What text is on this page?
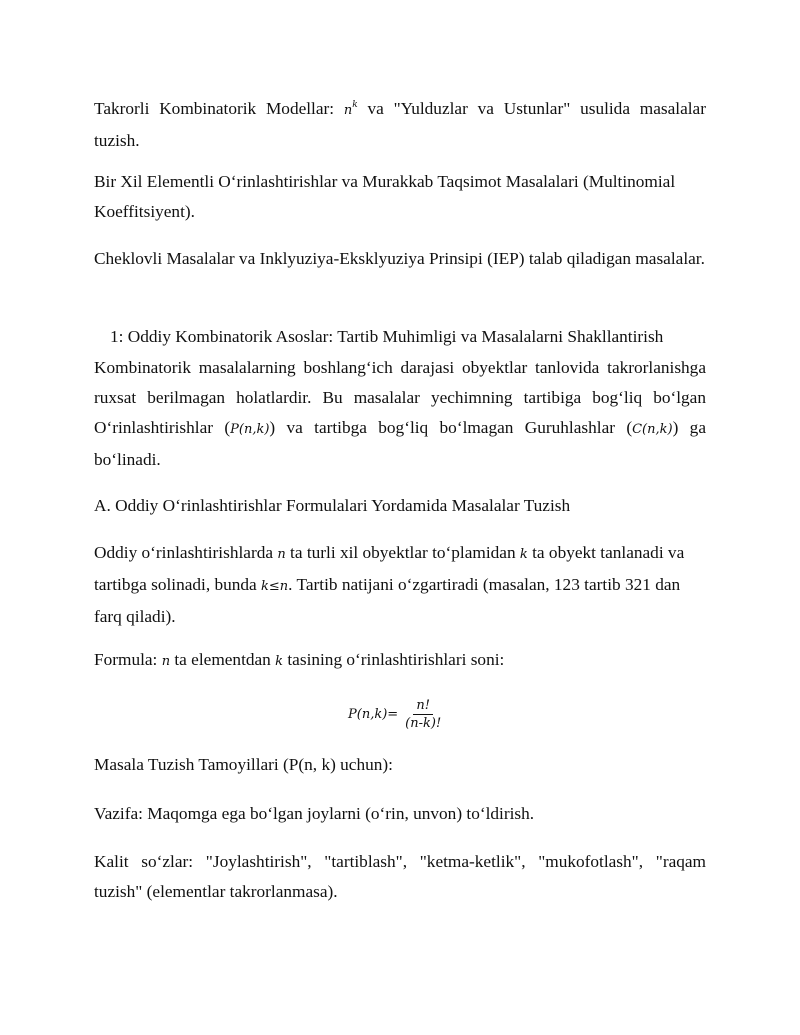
Takrorli Kombinatorik Modellar: $n^k$ va "Yulduzlar va Ustunlar" usulida masalalar tuzish.

Bir Xil Elementli O‘rinlashtirishlar va Murakkab Taqsimot Masalalari (Multinomial Koeffitsiyent).

Cheklovli Masalalar va Inklyuziya-Eksklyuziya Prinsipi (IEP) talab qiladigan masalalar.

1: Oddiy Kombinatorik Asoslar: Tartib Muhimligi va Masalalarni Shakllantirish

Kombinatorik masalalarning boshlang‘ich darajasi obyektlar tanlovida takrorlanishga ruxsat berilmagan holatlardir. Bu masalalar yechimning tartibiga bog‘liq bo‘lgan O‘rinlashtirishlar (P(n,k)) va tartibga bog‘liq bo‘lmagan Guruhlashlar (C(n,k)) ga bo‘linadi.

A. Oddiy O‘rinlashtirishlar Formulalari Yordamida Masalalar Tuzish

Oddiy o‘rinlashtirishlarda n ta turli xil obyektlar to‘plamidan k ta obyekt tanlanadi va tartibga solinadi, bunda k≤n. Tartib natijani o‘zgartiradi (masalan, 123 tartib 321 dan farq qiladi).

Formula: n ta elementdan k tasining o‘rinlashtirishlari soni:

$P(n,k)= \frac{n!}{(n-k)!}$

Masala Tuzish Tamoyillari (P(n, k) uchun):

Vazifa: Maqomga ega bo‘lgan joylarni (o‘rin, unvon) to‘ldirish.

Kalit so‘zlar: "Joylashtirish", "tartiblash", "ketma-ketlik", "mukofotlash", "raqam tuzish" (elementlar takrorlanmasa).
